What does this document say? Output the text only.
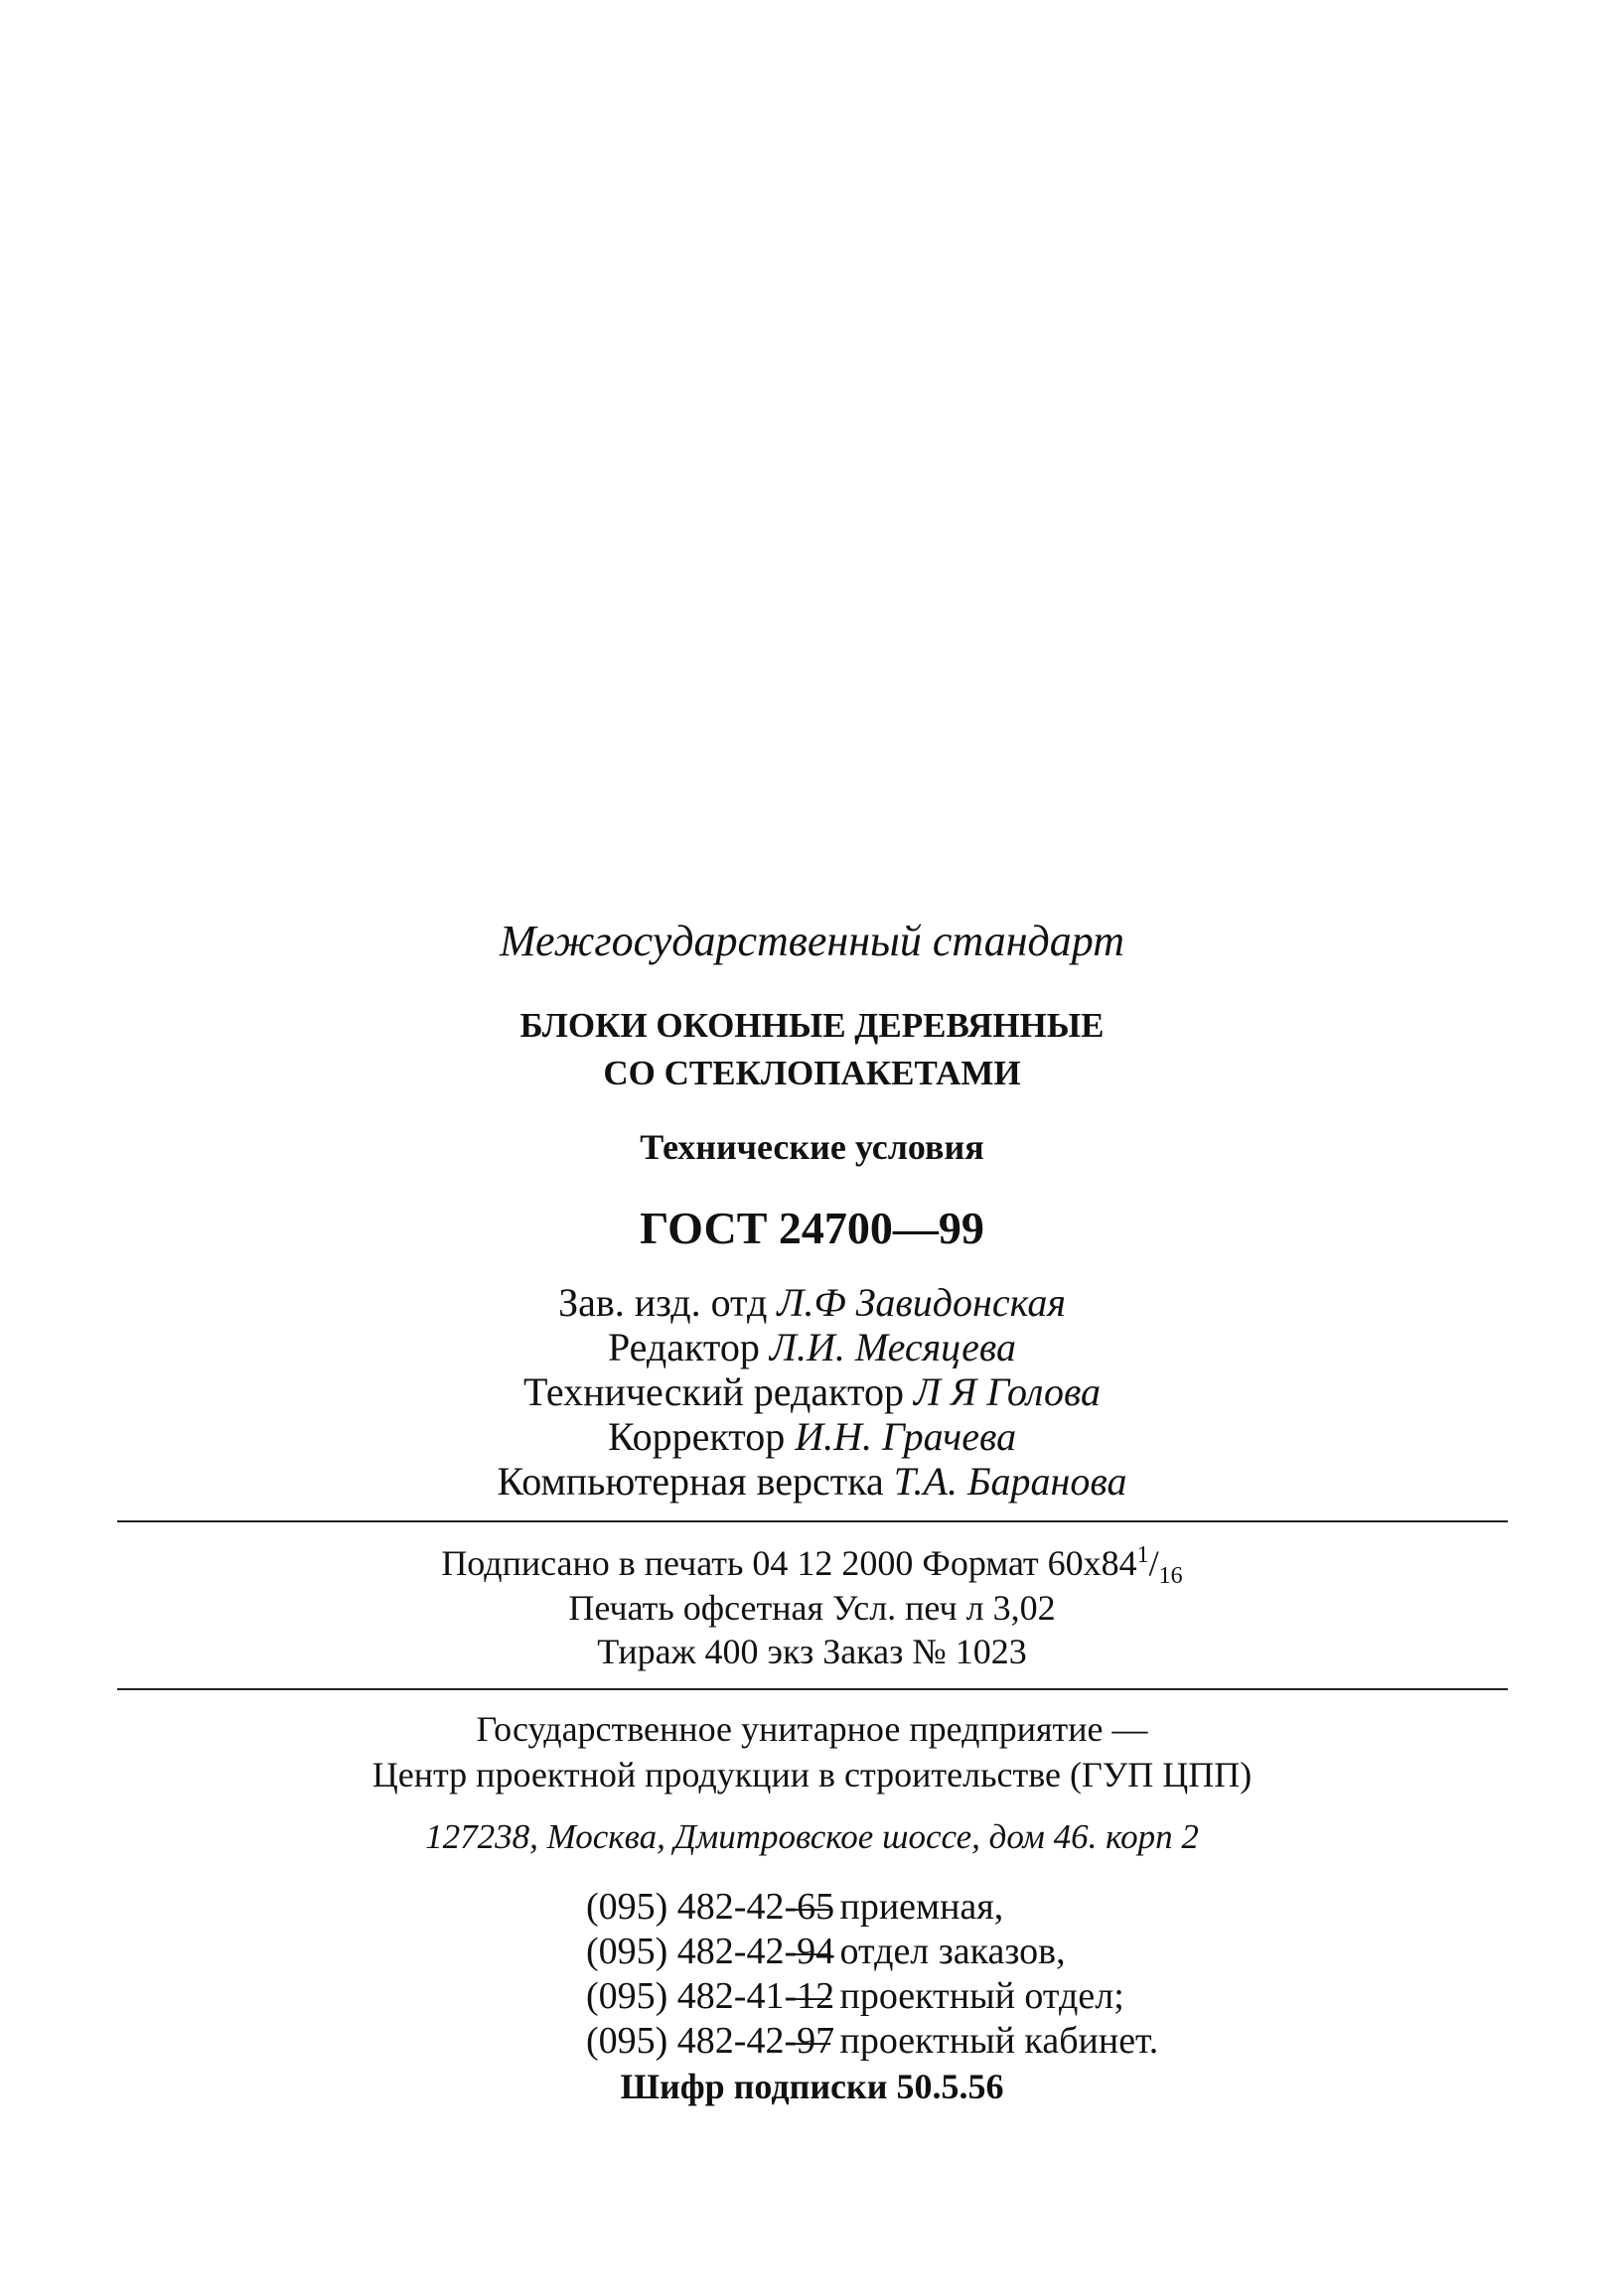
Межгосударственный стандарт
БЛОКИ ОКОННЫЕ ДЕРЕВЯННЫЕ
СО СТЕКЛОПАКЕТАМИ
Технические условия
ГОСТ 24700—99
Зав. изд. отд Л.Ф Завидонская
Редактор Л.И. Месяцева
Технический редактор Л Я Голова
Корректор И.Н. Грачева
Компьютерная верстка Т.А. Баранова
Подписано в печать 04 12 2000 Формат $60х84^1/_{16}$
Печать офсетная Усл. печ л 3,02
Тираж 400 экз Заказ № 1023
Государственное унитарное предприятие —
Центр проектной продукции в строительстве (ГУП ЦПП)
127238, Москва, Дмитровское шоссе, дом 46. корп 2
(095) 482-42-65
— приемная,
(095) 482-42-94
— отдел заказов,
(095) 482-41-12
— проектный отдел;
(095) 482-42-97
— проектный кабинет.
Шифр подписки 50.5.56
